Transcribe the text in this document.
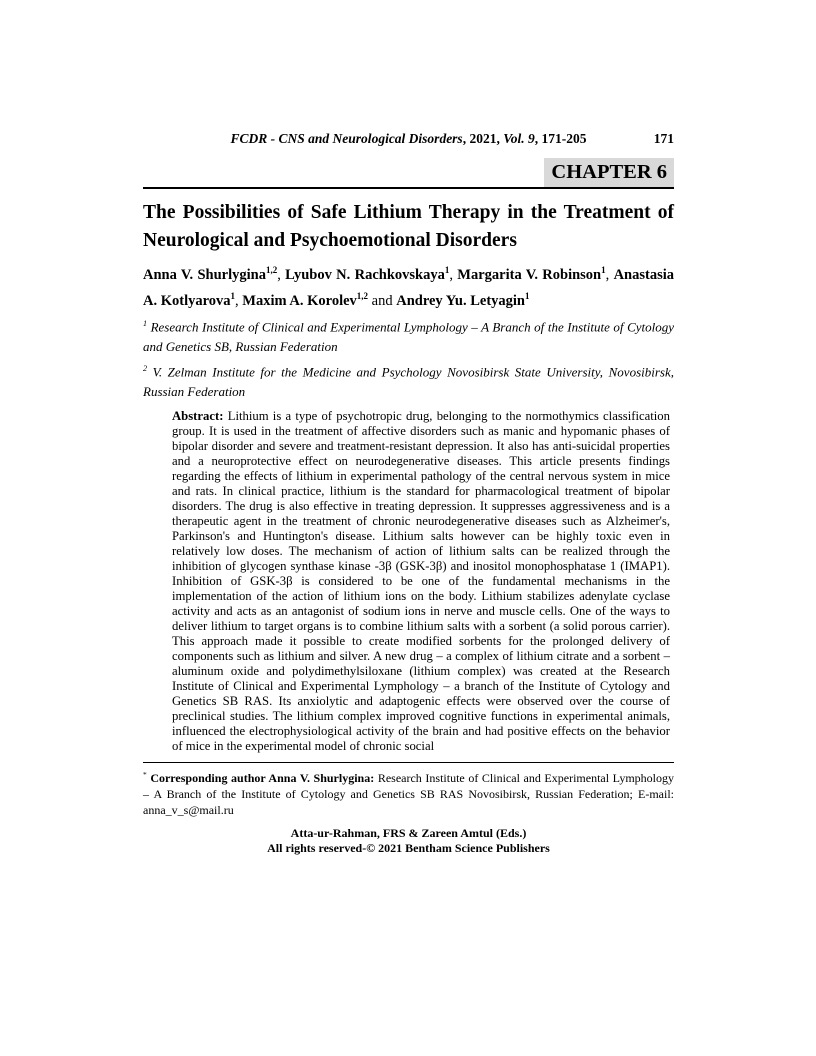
FCDR - CNS and Neurological Disorders, 2021, Vol. 9, 171-205	171
CHAPTER 6
The Possibilities of Safe Lithium Therapy in the Treatment of Neurological and Psychoemotional Disorders

Anna V. Shurlygina$^{1,2}$, Lyubov N. Rachkovskaya$^1$, Margarita V. Robinson$^1$, Anastasia A. Kotlyarova$^1$, Maxim A. Korolev$^{1,2}$ and Andrey Yu. Letyagin$^1$

$^1$ Research Institute of Clinical and Experimental Lymphology – A Branch of the Institute of Cytology and Genetics SB, Russian Federation

$^2$ V. Zelman Institute for the Medicine and Psychology Novosibirsk State University, Novosibirsk, Russian Federation

Abstract: Lithium is a type of psychotropic drug, belonging to the normothymics classification group. It is used in the treatment of affective disorders such as manic and hypomanic phases of bipolar disorder and severe and treatment-resistant depression. It also has anti-suicidal properties and a neuroprotective effect on neurodegenerative diseases. This article presents findings regarding the effects of lithium in experimental pathology of the central nervous system in mice and rats. In clinical practice, lithium is the standard for pharmacological treatment of bipolar disorders. The drug is also effective in treating depression. It suppresses aggressiveness and is a therapeutic agent in the treatment of chronic neurodegenerative diseases such as Alzheimer's, Parkinson's and Huntington's disease. Lithium salts however can be highly toxic even in relatively low doses. The mechanism of action of lithium salts can be realized through the inhibition of glycogen synthase kinase -3β (GSK-3β) and inositol monophosphatase 1 (IMAP1). Inhibition of GSK-3β is considered to be one of the fundamental mechanisms in the implementation of the action of lithium ions on the body. Lithium stabilizes adenylate cyclase activity and acts as an antagonist of sodium ions in nerve and muscle cells. One of the ways to deliver lithium to target organs is to combine lithium salts with a sorbent (a solid porous carrier). This approach made it possible to create modified sorbents for the prolonged delivery of components such as lithium and silver. A new drug – a complex of lithium citrate and a sorbent – aluminum oxide and polydimethylsiloxane (lithium complex) was created at the Research Institute of Clinical and Experimental Lymphology – a branch of the Institute of Cytology and Genetics SB RAS. Its anxiolytic and adaptogenic effects were observed over the course of preclinical studies. The lithium complex improved cognitive functions in experimental animals, influenced the electrophysiological activity of the brain and had positive effects on the behavior of mice in the experimental model of chronic social
* Corresponding author Anna V. Shurlygina: Research Institute of Clinical and Experimental Lymphology – A Branch of the Institute of Cytology and Genetics SB RAS Novosibirsk, Russian Federation; E-mail: anna_v_s@mail.ru
Atta-ur-Rahman, FRS & Zareen Amtul (Eds.)
All rights reserved-© 2021 Bentham Science Publishers
